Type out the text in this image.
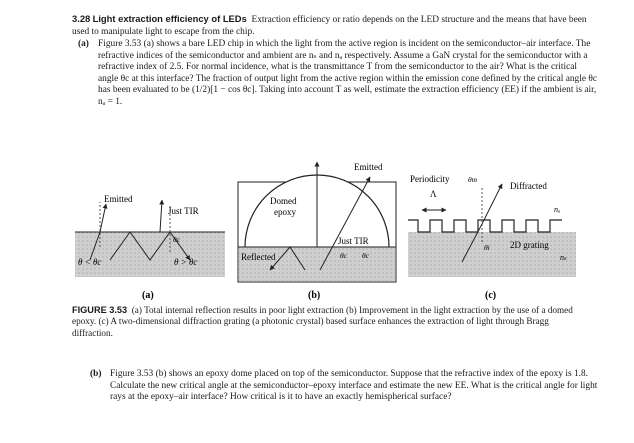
3.28 Light extraction efficiency of LEDs Extraction efficiency or ratio depends on the LED structure and the means that have been used to manipulate light to escape from the chip.

(a) Figure 3.53 (a) shows a bare LED chip in which the light from the active region is incident on the semiconductor–air interface. The refractive indices of the semiconductor and ambient are nₛ and nₐ respectively. Assume a GaN crystal for the semiconductor with a refractive index of 2.5. For normal incidence, what is the transmittance T from the semiconductor to the air? What is the critical angle θc at this interface? The fraction of output light from the active region within the emission cone defined by the critical angle θc has been evaluated to be (1/2)[1 − cos θc]. Taking into account T as well, estimate the extraction efficiency (EE) if the ambient is air, nₐ = 1.
Emitted
Just TIR
θc
θ < θc	θ > θc
(a)
Domed
epoxy
Emitted
Just TIR
Reflected	θc θc
(b)
Periodicity
Λ
θm
Diffracted
nₐ
2D grating
nₛ
θi
(c)

FIGURE 3.53 (a) Total internal reflection results in poor light extraction (b) Improvement in the light extraction by the use of a domed epoxy. (c) A two-dimensional diffraction grating (a photonic crystal) based surface enhances the extraction of light through Bragg diffraction.

(b) Figure 3.53 (b) shows an epoxy dome placed on top of the semiconductor. Suppose that the refractive index of the epoxy is 1.8. Calculate the new critical angle at the semiconductor–epoxy interface and estimate the new EE. What is the critical angle for light rays at the epoxy–air interface? How critical is it to have an exactly hemispherical surface?
